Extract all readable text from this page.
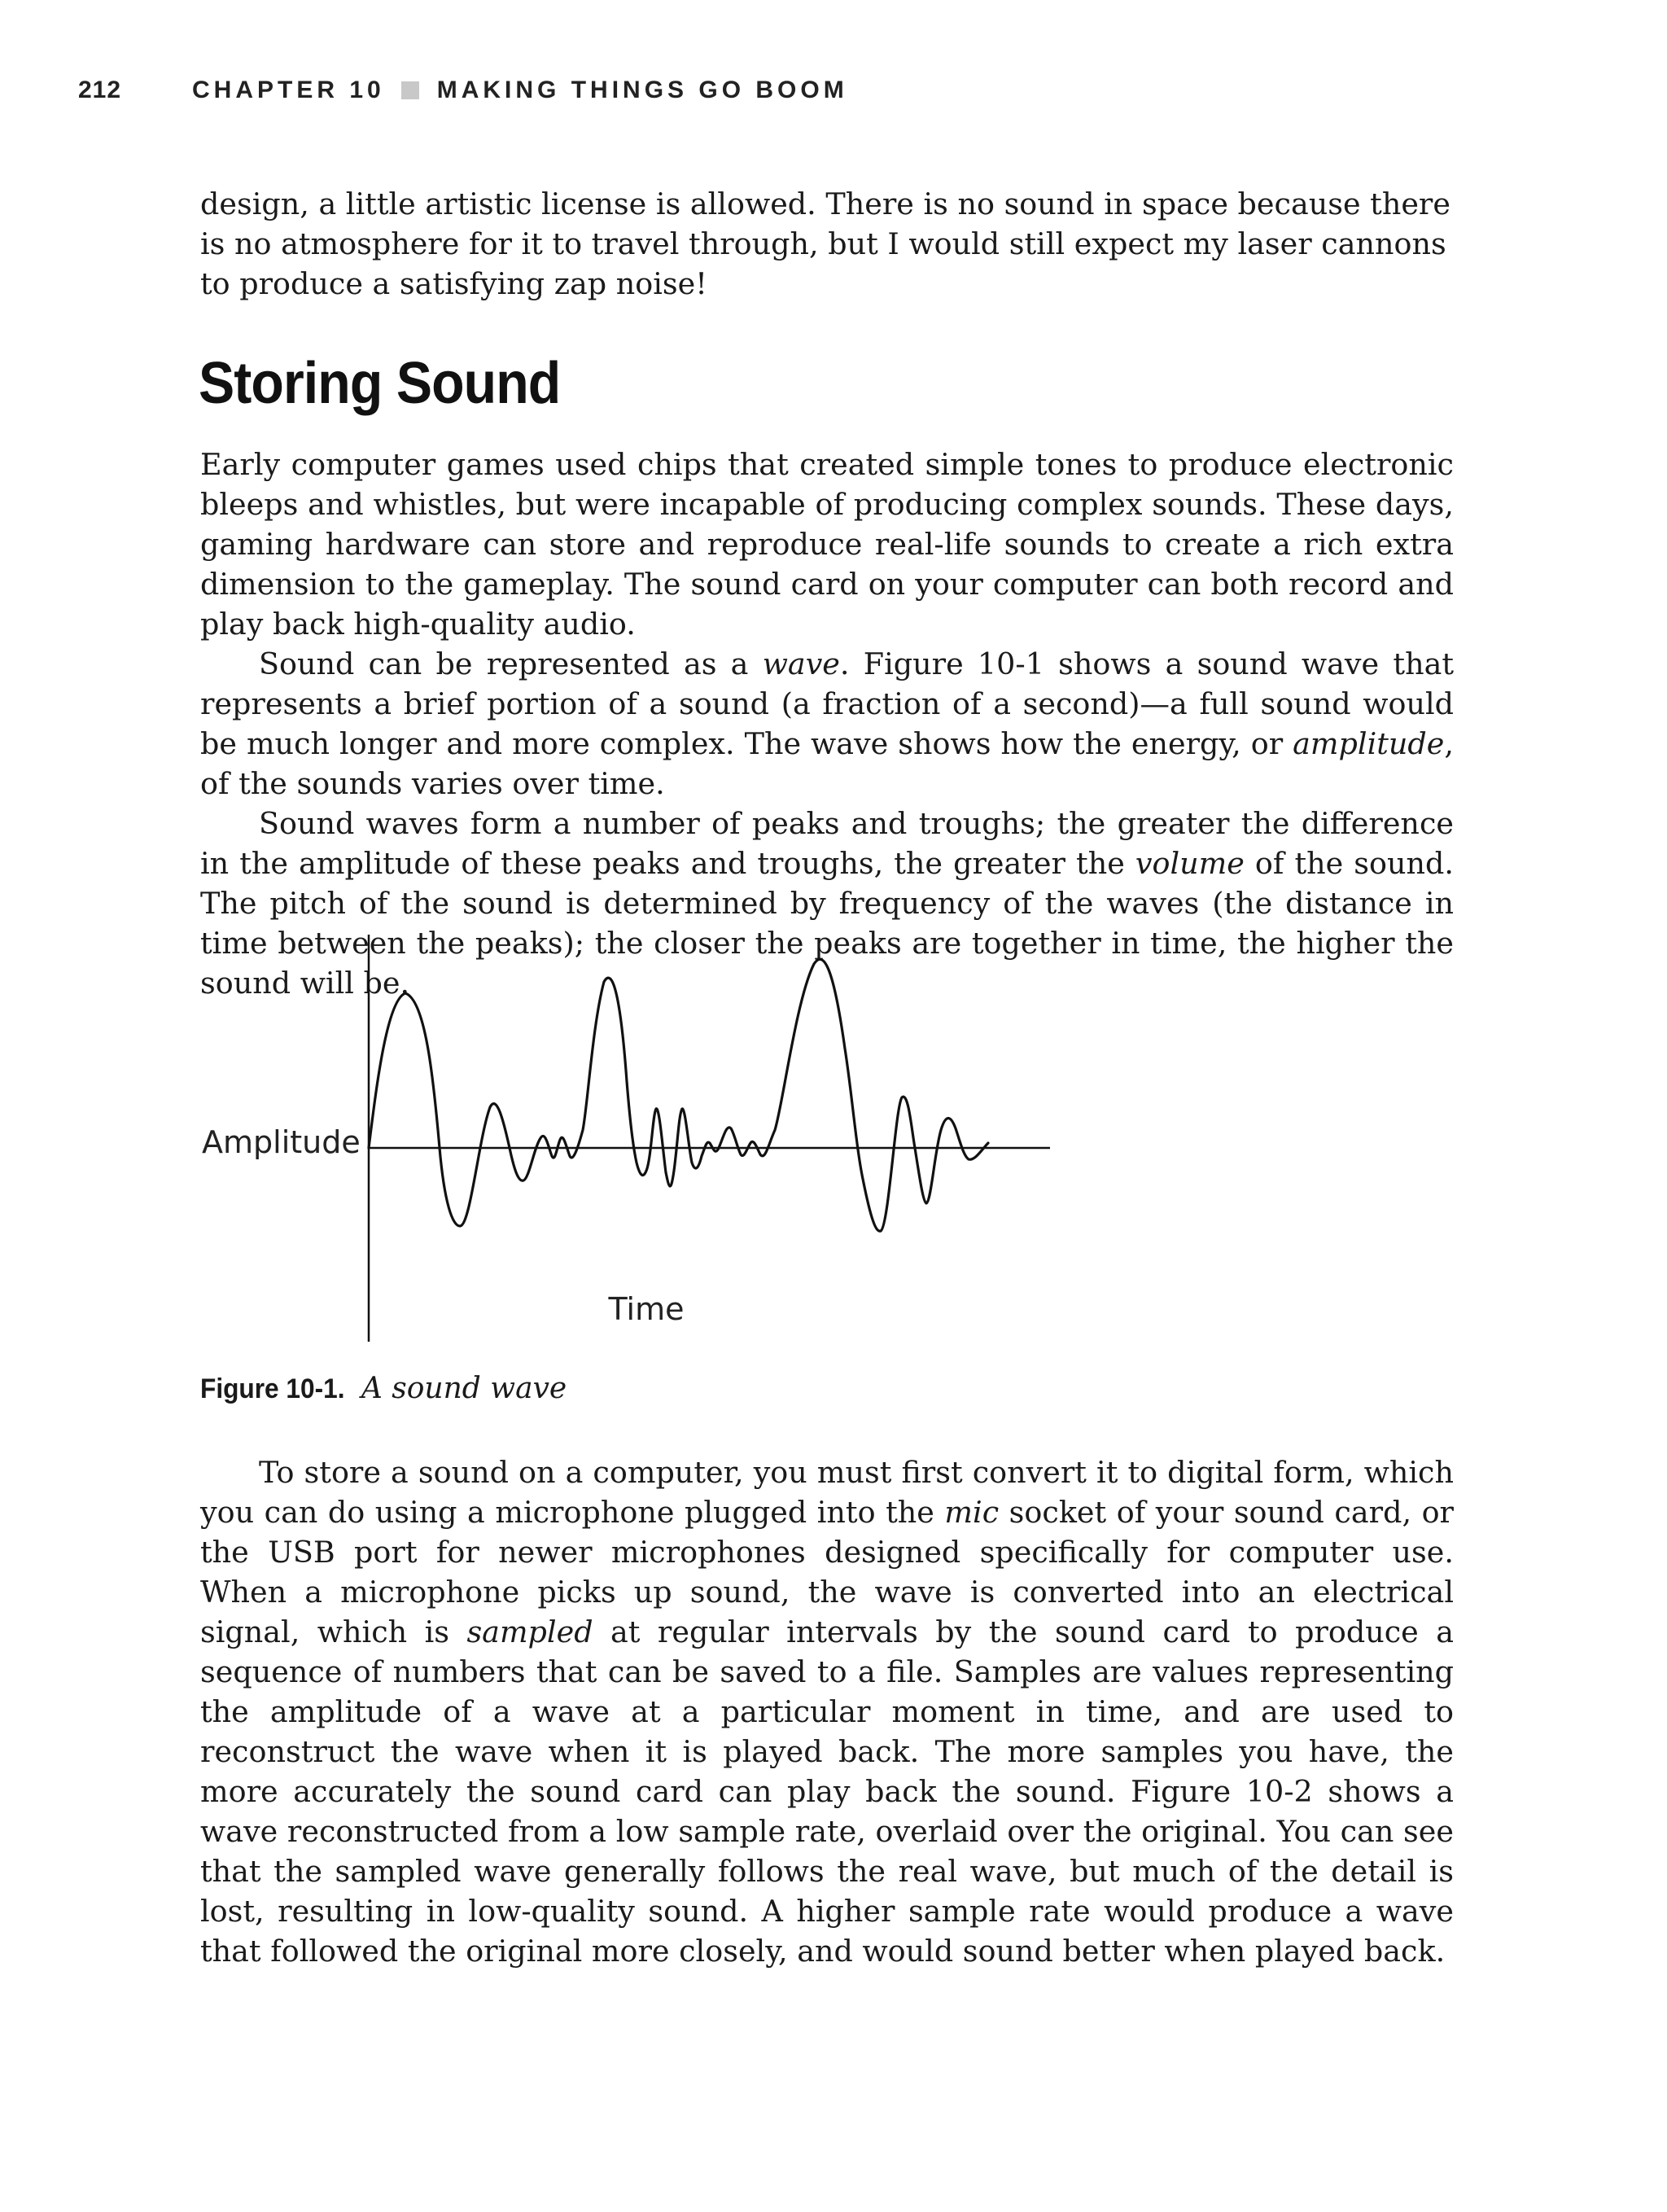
212	CHAPTER 10 MAKING THINGS GO BOOM

design, a little artistic license is allowed. There is no sound in space because there is no atmosphere for it to travel through, but I would still expect my laser cannons to produce a satisfying zap noise!

Storing Sound

Early computer games used chips that created simple tones to produce electronic bleeps and whistles, but were incapable of producing complex sounds. These days, gaming hardware can store and reproduce real-life sounds to create a rich extra dimension to the gameplay. The sound card on your computer can both record and play back high-quality audio.

Sound can be represented as a wave. Figure 10-1 shows a sound wave that represents a brief portion of a sound (a fraction of a second)—a full sound would be much longer and more complex. The wave shows how the energy, or amplitude, of the sounds varies over time.

Sound waves form a number of peaks and troughs; the greater the difference in the amplitude of these peaks and troughs, the greater the volume of the sound. The pitch of the sound is determined by frequency of the waves (the distance in time between the peaks); the closer the peaks are together in time, the higher the sound will be.

Amplitude
Time
Figure 10-1. A sound wave

To store a sound on a computer, you must first convert it to digital form, which you can do using a microphone plugged into the mic socket of your sound card, or the USB port for newer microphones designed specifically for computer use. When a microphone picks up sound, the wave is converted into an electrical signal, which is sampled at regular intervals by the sound card to produce a sequence of numbers that can be saved to a file. Samples are values representing the amplitude of a wave at a particular moment in time, and are used to reconstruct the wave when it is played back. The more samples you have, the more accurately the sound card can play back the sound. Figure 10-2 shows a wave reconstructed from a low sample rate, overlaid over the original. You can see that the sampled wave generally follows the real wave, but much of the detail is lost, resulting in low-quality sound. A higher sample rate would produce a wave that followed the original more closely, and would sound better when played back.
